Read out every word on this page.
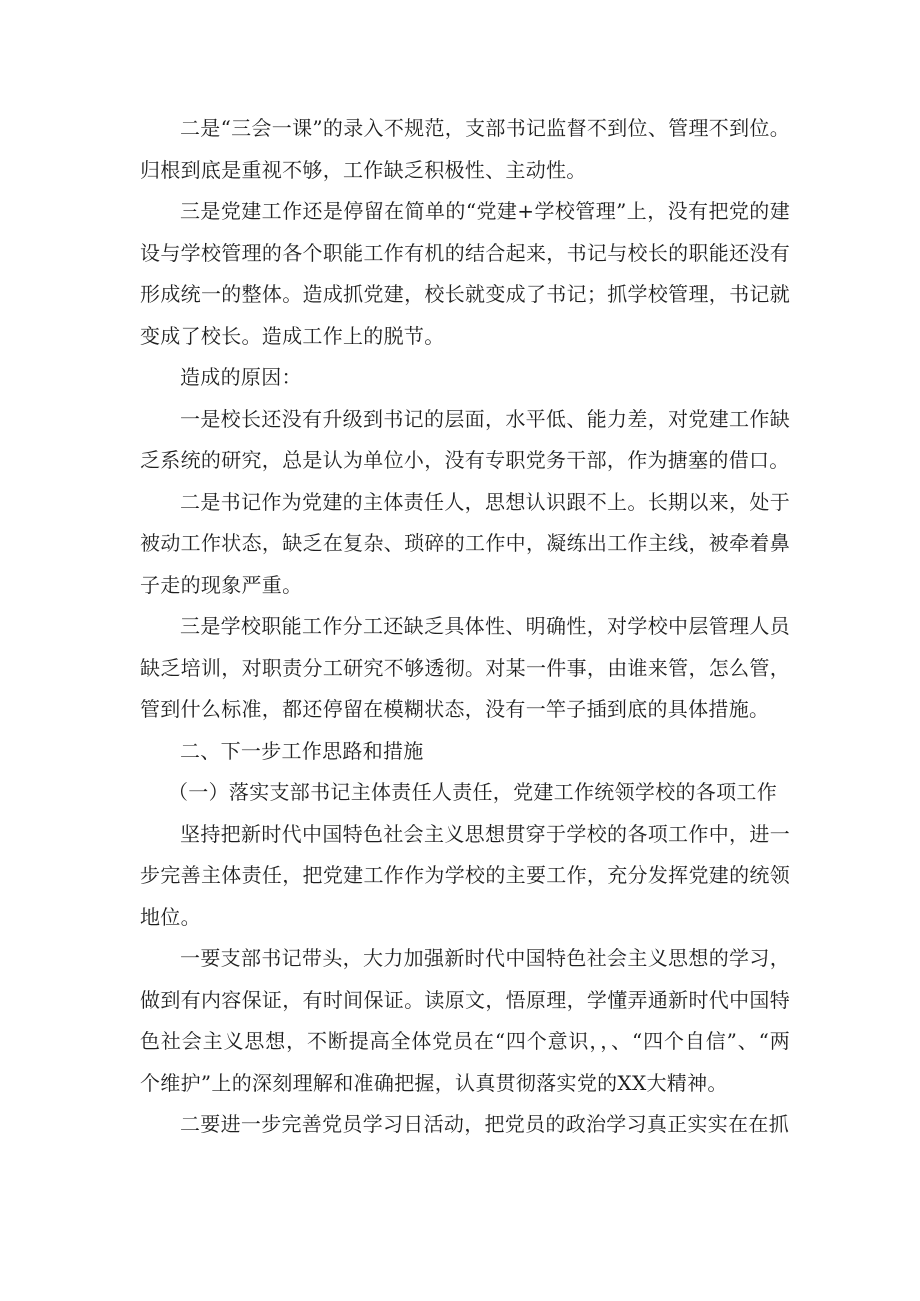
二是“三会一课”的录入不规范，支部书记监督不到位、管理不到位。归根到底是重视不够，工作缺乏积极性、主动性。

三是党建工作还是停留在简单的“党建+学校管理”上，没有把党的建设与学校管理的各个职能工作有机的结合起来，书记与校长的职能还没有形成统一的整体。造成抓党建，校长就变成了书记；抓学校管理，书记就变成了校长。造成工作上的脱节。

造成的原因：

一是校长还没有升级到书记的层面，水平低、能力差，对党建工作缺乏系统的研究，总是认为单位小，没有专职党务干部，作为搪塞的借口。

二是书记作为党建的主体责任人，思想认识跟不上。长期以来，处于被动工作状态，缺乏在复杂、琐碎的工作中，凝练出工作主线，被牵着鼻子走的现象严重。

三是学校职能工作分工还缺乏具体性、明确性，对学校中层管理人员缺乏培训，对职责分工研究不够透彻。对某一件事，由谁来管，怎么管，管到什么标准，都还停留在模糊状态，没有一竿子插到底的具体措施。

二、下一步工作思路和措施

（一）落实支部书记主体责任人责任，党建工作统领学校的各项工作

坚持把新时代中国特色社会主义思想贯穿于学校的各项工作中，进一步完善主体责任，把党建工作作为学校的主要工作，充分发挥党建的统领地位。

一要支部书记带头，大力加强新时代中国特色社会主义思想的学习，做到有内容保证，有时间保证。读原文，悟原理，学懂弄通新时代中国特色社会主义思想，不断提高全体党员在“四个意识，，、“四个自信”、“两个维护”上的深刻理解和准确把握，认真贯彻落实党的XX大精神。

二要进一步完善党员学习日活动，把党员的政治学习真正实实在在抓
